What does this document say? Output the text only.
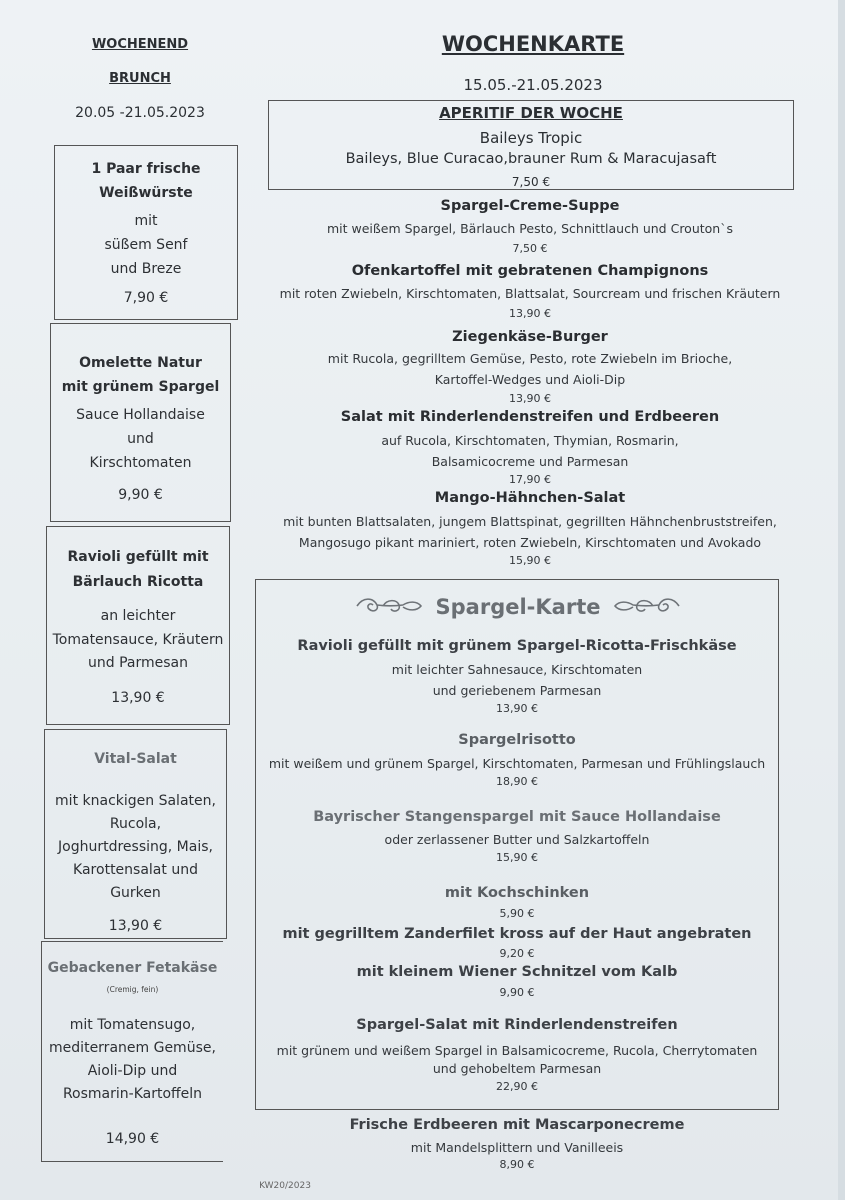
WOCHENEND
BRUNCH
20.05 -21.05.2023
1 Paar frische
Weißwürste
mit
süßem Senf
und Breze
7,90 €
Omelette Natur
mit grünem Spargel
Sauce Hollandaise
und
Kirschtomaten
9,90 €
Ravioli gefüllt mit
Bärlauch Ricotta
an leichter
Tomatensauce, Kräutern
und Parmesan
13,90 €
Vital-Salat
mit knackigen Salaten,
Rucola,
Joghurtdressing, Mais,
Karottensalat und
Gurken
13,90 €
Gebackener Fetakäse
(Cremig, fein)
mit Tomatensugo,
mediterranem Gemüse,
Aioli-Dip und
Rosmarin-Kartoffeln
14,90 €
WOCHENKARTE
15.05.-21.05.2023
APERITIF DER WOCHE
Baileys Tropic
Baileys, Blue Curacao,brauner Rum & Maracujasaft
7,50 €
Spargel-Creme-Suppe
mit weißem Spargel, Bärlauch Pesto, Schnittlauch und Crouton`s
7,50 €
Ofenkartoffel mit gebratenen Champignons
mit roten Zwiebeln, Kirschtomaten, Blattsalat, Sourcream und frischen Kräutern
13,90 €
Ziegenkäse-Burger
mit Rucola, gegrilltem Gemüse, Pesto, rote Zwiebeln im Brioche,
Kartoffel-Wedges und Aioli-Dip
13,90 €
Salat mit Rinderlendenstreifen und Erdbeeren
auf Rucola, Kirschtomaten, Thymian, Rosmarin,
Balsamicocreme und Parmesan
17,90 €
Mango-Hähnchen-Salat
mit bunten Blattsalaten, jungem Blattspinat, gegrillten Hähnchenbruststreifen,
Mangosugo pikant mariniert, roten Zwiebeln, Kirschtomaten und Avokado
15,90 €
Spargel-Karte
Ravioli gefüllt mit grünem Spargel-Ricotta-Frischkäse
mit leichter Sahnesauce, Kirschtomaten
und geriebenem Parmesan
13,90 €
Spargelrisotto
mit weißem und grünem Spargel, Kirschtomaten, Parmesan und Frühlingslauch
18,90 €
Bayrischer Stangenspargel mit Sauce Hollandaise
oder zerlassener Butter und Salzkartoffeln
15,90 €
mit Kochschinken
5,90 €
mit gegrilltem Zanderfilet kross auf der Haut angebraten
9,20 €
mit kleinem Wiener Schnitzel vom Kalb
9,90 €
Spargel-Salat mit Rinderlendenstreifen
mit grünem und weißem Spargel in Balsamicocreme, Rucola, Cherrytomaten
und gehobeltem Parmesan
22,90 €
Frische Erdbeeren mit Mascarponecreme
mit Mandelsplittern und Vanilleeis
8,90 €
KW20/2023
